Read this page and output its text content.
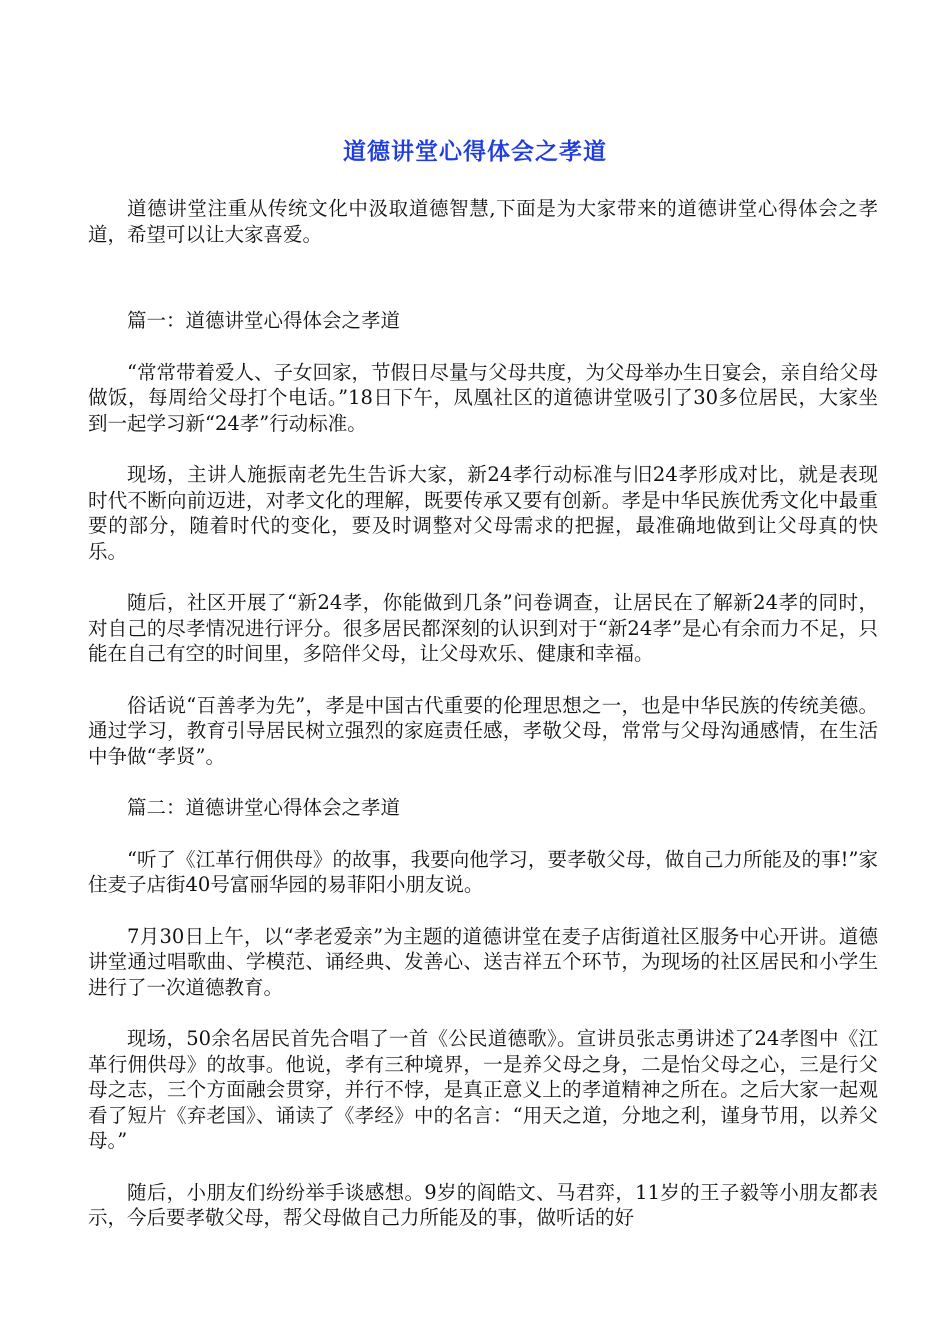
道德讲堂心得体会之孝道

道德讲堂注重从传统文化中汲取道德智慧,下面是为大家带来的道德讲堂心得体会之孝道，希望可以让大家喜爱。

篇一：道德讲堂心得体会之孝道

“常常带着爱人、子女回家，节假日尽量与父母共度，为父母举办生日宴会，亲自给父母做饭，每周给父母打个电话。”18日下午，凤凰社区的道德讲堂吸引了30多位居民，大家坐到一起学习新“24孝”行动标准。

现场，主讲人施振南老先生告诉大家，新24孝行动标准与旧24孝形成对比，就是表现时代不断向前迈进，对孝文化的理解，既要传承又要有创新。孝是中华民族优秀文化中最重要的部分，随着时代的变化，要及时调整对父母需求的把握，最准确地做到让父母真的快乐。

随后，社区开展了“新24孝，你能做到几条”问卷调查，让居民在了解新24孝的同时，对自己的尽孝情况进行评分。很多居民都深刻的认识到对于“新24孝”是心有余而力不足，只能在自己有空的时间里，多陪伴父母，让父母欢乐、健康和幸福。

俗话说“百善孝为先”，孝是中国古代重要的伦理思想之一，也是中华民族的传统美德。通过学习，教育引导居民树立强烈的家庭责任感，孝敬父母，常常与父母沟通感情，在生活中争做“孝贤”。

篇二：道德讲堂心得体会之孝道

“听了《江革行佣供母》的故事，我要向他学习，要孝敬父母，做自己力所能及的事!”家住麦子店街40号富丽华园的易菲阳小朋友说。

7月30日上午，以“孝老爱亲”为主题的道德讲堂在麦子店街道社区服务中心开讲。道德讲堂通过唱歌曲、学模范、诵经典、发善心、送吉祥五个环节，为现场的社区居民和小学生进行了一次道德教育。

现场，50余名居民首先合唱了一首《公民道德歌》。宣讲员张志勇讲述了24孝图中《江革行佣供母》的故事。他说，孝有三种境界，一是养父母之身，二是怡父母之心，三是行父母之志，三个方面融会贯穿，并行不悖，是真正意义上的孝道精神之所在。之后大家一起观看了短片《弃老国》、诵读了《孝经》中的名言：“用天之道，分地之利，谨身节用，以养父母。”

随后，小朋友们纷纷举手谈感想。9岁的阎皓文、马君弈，11岁的王子毅等小朋友都表示，今后要孝敬父母，帮父母做自己力所能及的事，做听话的好
